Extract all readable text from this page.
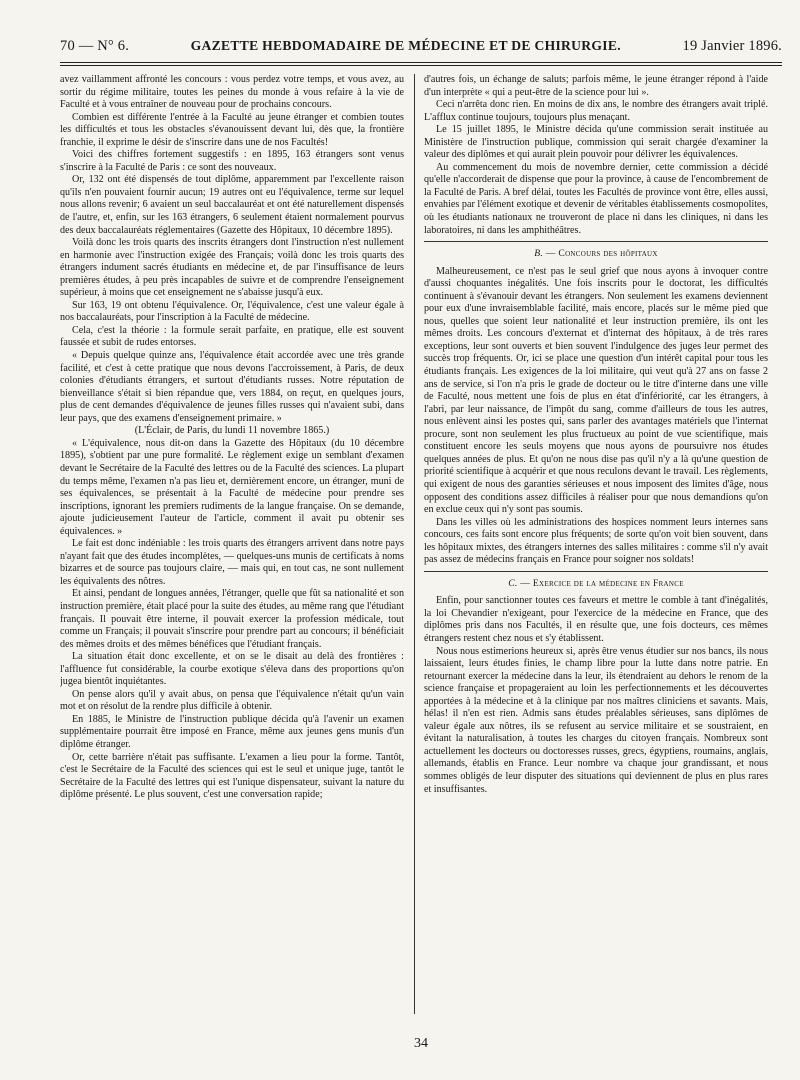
70 — N° 6.	GAZETTE HEBDOMADAIRE DE MÉDECINE ET DE CHIRURGIE.	19 Janvier 1896.

avez vaillamment affronté les concours : vous perdez votre temps, et vous avez, au sortir du régime militaire, toutes les peines du monde à vous refaire à la vie de Faculté et à vous entraîner de nouveau pour de prochains concours.

Combien est différente l'entrée à la Faculté au jeune étranger et combien toutes les difficultés et tous les obstacles s'évanouissent devant lui, dès que, la frontière franchie, il exprime le désir de s'inscrire dans une de nos Facultés!

Voici des chiffres fortement suggestifs : en 1895, 163 étrangers sont venus s'inscrire à la Faculté de Paris : ce sont des nouveaux.

Or, 132 ont été dispensés de tout diplôme, apparemment par l'excellente raison qu'ils n'en pouvaient fournir aucun; 19 autres ont eu l'équivalence, terme sur lequel nous allons revenir; 6 avaient un seul baccalauréat et ont été naturellement dispensés de l'autre, et, enfin, sur les 163 étrangers, 6 seulement étaient normalement pourvus des deux baccalauréats réglementaires (Gazette des Hôpitaux, 10 décembre 1895).

Voilà donc les trois quarts des inscrits étrangers dont l'instruction n'est nullement en harmonie avec l'instruction exigée des Français; voilà donc les trois quarts des étrangers indument sacrés étudiants en médecine et, de par l'insuffisance de leurs premières études, à peu près incapables de suivre et de comprendre l'enseignement supérieur, à moins que cet enseignement ne s'abaisse jusqu'à eux.

Sur 163, 19 ont obtenu l'équivalence. Or, l'équivalence, c'est une valeur égale à nos baccalauréats, pour l'inscription à la Faculté de médecine.

Cela, c'est la théorie : la formule serait parfaite, en pratique, elle est souvent faussée et subit de rudes entorses.

« Depuis quelque quinze ans, l'équivalence était accordée avec une très grande facilité, et c'est à cette pratique que nous devons l'accroissement, à Paris, de deux colonies d'étudiants étrangers, et surtout d'étudiants russes. Notre réputation de bienveillance s'était si bien répandue que, vers 1884, on reçut, en quelques jours, plus de cent demandes d'équivalence de jeunes filles russes qui n'avaient subi, dans leur pays, que des examens d'enseignement primaire. »

(L'Éclair, de Paris, du lundi 11 novembre 1865.)

« L'équivalence, nous dit-on dans la Gazette des Hôpitaux (du 10 décembre 1895), s'obtient par une pure formalité. Le règlement exige un semblant d'examen devant le Secrétaire de la Faculté des lettres ou de la Faculté des sciences. La plupart du temps même, l'examen n'a pas lieu et, dernièrement encore, un étranger, muni de ses équivalences, se présentait à la Faculté de médecine pour prendre ses inscriptions, ignorant les premiers rudiments de la langue française. On se demande, ajoute judicieusement l'auteur de l'article, comment il avait pu obtenir ses équivalences. »

Le fait est donc indéniable : les trois quarts des étrangers arrivent dans notre pays n'ayant fait que des études incomplètes, — quelques-uns munis de certificats à noms bizarres et de source pas toujours claire, — mais qui, en tout cas, ne sont nullement les équivalents des nôtres.

Et ainsi, pendant de longues années, l'étranger, quelle que fût sa nationalité et son instruction première, était placé pour la suite des études, au même rang que l'étudiant français. Il pouvait être interne, il pouvait exercer la profession médicale, tout comme un Français; il pouvait s'inscrire pour prendre part au concours; il bénéficiait des mêmes droits et des mêmes bénéfices que l'étudiant français.

La situation était donc excellente, et on se le disait au delà des frontières : l'affluence fut considérable, la courbe exotique s'éleva dans des proportions qu'on jugea bientôt inquiétantes.

On pense alors qu'il y avait abus, on pensa que l'équivalence n'était qu'un vain mot et on résolut de la rendre plus difficile à obtenir.

En 1885, le Ministre de l'instruction publique décida qu'à l'avenir un examen supplémentaire pourrait être imposé en France, même aux jeunes gens munis d'un diplôme étranger.

Or, cette barrière n'était pas suffisante. L'examen a lieu pour la forme. Tantôt, c'est le Secrétaire de la Faculté des sciences qui est le seul et unique juge, tantôt le Secrétaire de la Faculté des lettres qui est l'unique dispensateur, suivant la nature du diplôme présenté. Le plus souvent, c'est une conversation rapide;

d'autres fois, un échange de saluts; parfois même, le jeune étranger répond à l'aide d'un interprète « qui a peut-être de la science pour lui ».

Ceci n'arrêta donc rien. En moins de dix ans, le nombre des étrangers avait triplé. L'afflux continue toujours, toujours plus menaçant.

Le 15 juillet 1895, le Ministre décida qu'une commission serait instituée au Ministère de l'instruction publique, commission qui serait chargée d'examiner la valeur des diplômes et qui aurait plein pouvoir pour délivrer les équivalences.

Au commencement du mois de novembre dernier, cette commission a décidé qu'elle n'accorderait de dispense que pour la province, à cause de l'encombrement de la Faculté de Paris. A bref délai, toutes les Facultés de province vont être, elles aussi, envahies par l'élément exotique et devenir de véritables établissements cosmopolites, où les étudiants nationaux ne trouveront de place ni dans les cliniques, ni dans les laboratoires, ni dans les amphithéâtres.

B. — Concours des hôpitaux

Malheureusement, ce n'est pas le seul grief que nous ayons à invoquer contre d'aussi choquantes inégalités. Une fois inscrits pour le doctorat, les difficultés continuent à s'évanouir devant les étrangers. Non seulement les examens deviennent pour eux d'une invraisemblable facilité, mais encore, placés sur le même pied que nous, quelles que soient leur nationalité et leur instruction première, ils ont les mêmes droits. Les concours d'externat et d'internat des hôpitaux, à de très rares exceptions, leur sont ouverts et bien souvent l'indulgence des juges leur permet des succès trop fréquents. Or, ici se place une question d'un intérêt capital pour tous les étudiants français. Les exigences de la loi militaire, qui veut qu'à 27 ans on fasse 2 ans de service, si l'on n'a pris le grade de docteur ou le titre d'interne dans une ville de Faculté, nous mettent une fois de plus en état d'infériorité, car les étrangers, à l'abri, par leur naissance, de l'impôt du sang, comme d'ailleurs de tous les autres, nous enlèvent ainsi les postes qui, sans parler des avantages matériels que l'internat procure, sont non seulement les plus fructueux au point de vue scientifique, mais constituent encore les seuls moyens que nous ayons de poursuivre nos études quelques années de plus. Et qu'on ne nous dise pas qu'il n'y a là qu'une question de priorité scientifique à acquérir et que nous reculons devant le travail. Les règlements, qui exigent de nous des garanties sérieuses et nous imposent des limites d'âge, nous opposent des conditions assez difficiles à réaliser pour que nous demandions qu'on en exclue ceux qui n'y sont pas soumis.

Dans les villes où les administrations des hospices nomment leurs internes sans concours, ces faits sont encore plus fréquents; de sorte qu'on voit bien souvent, dans les hôpitaux mixtes, des étrangers internes des salles militaires : comme s'il n'y avait pas assez de médecins français en France pour soigner nos soldats!

C. — Exercice de la médecine en France

Enfin, pour sanctionner toutes ces faveurs et mettre le comble à tant d'inégalités, la loi Chevandier n'exigeant, pour l'exercice de la médecine en France, que des diplômes pris dans nos Facultés, il en résulte que, une fois docteurs, ces mêmes étrangers restent chez nous et s'y établissent.

Nous nous estimerions heureux si, après être venus étudier sur nos bancs, ils nous laissaient, leurs études finies, le champ libre pour la lutte dans notre patrie. En retournant exercer la médecine dans la leur, ils étendraient au dehors le renom de la science française et propageraient au loin les perfectionnements et les découvertes apportées à la médecine et à la clinique par nos maîtres cliniciens et savants. Mais, hélas! il n'en est rien. Admis sans études préalables sérieuses, sans diplômes de valeur égale aux nôtres, ils se refusent au service militaire et se soustraient, en évitant la naturalisation, à toutes les charges du citoyen français. Nombreux sont actuellement les docteurs ou doctoresses russes, grecs, égyptiens, roumains, anglais, allemands, établis en France. Leur nombre va chaque jour grandissant, et nous sommes obligés de leur disputer des situations qui deviennent de plus en plus rares et insuffisantes.

34
